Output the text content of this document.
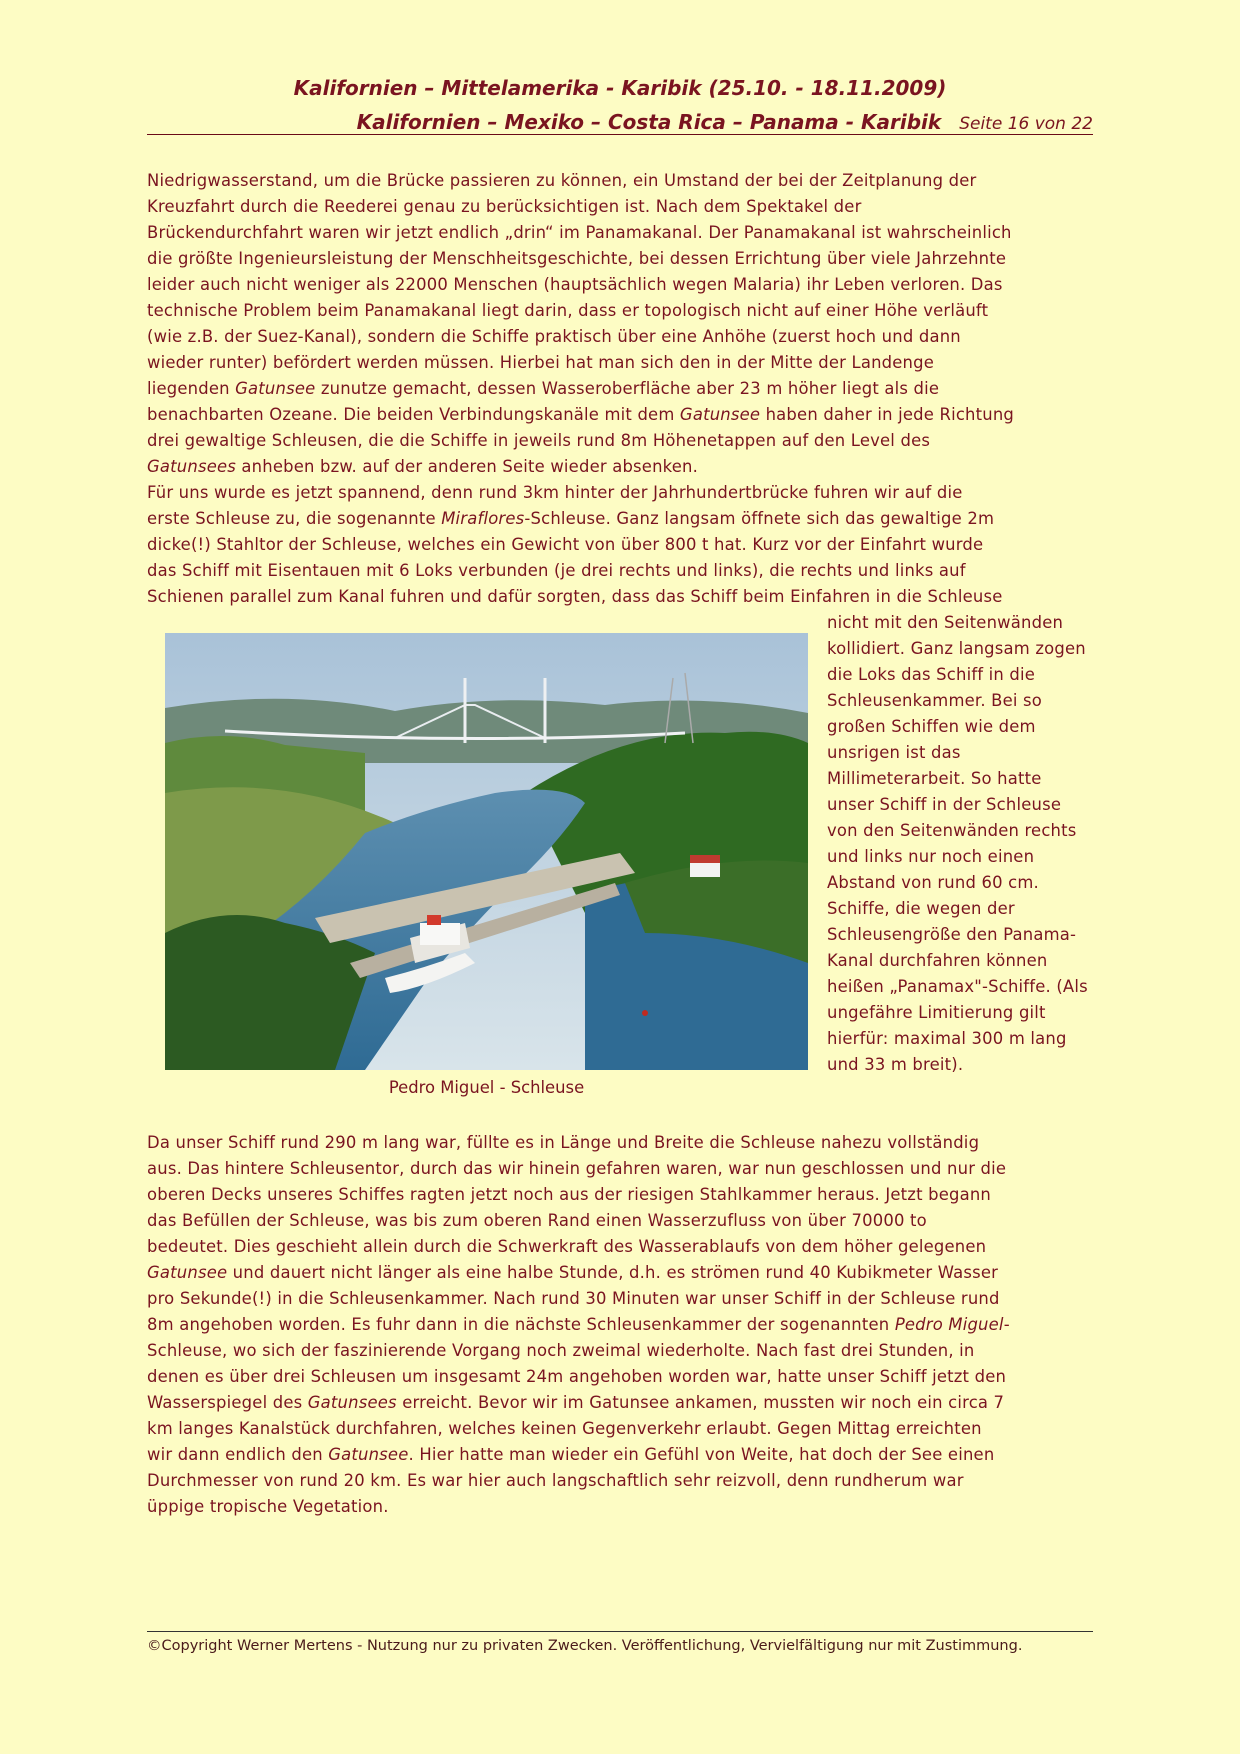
Kalifornien – Mittelamerika - Karibik (25.10. - 18.11.2009)
Kalifornien – Mexiko – Costa Rica – Panama - Karibik Seite 16 von 22

Niedrigwasserstand, um die Brücke passieren zu können, ein Umstand der bei der Zeitplanung der

Kreuzfahrt durch die Reederei genau zu berücksichtigen ist. Nach dem Spektakel der

Brückendurchfahrt waren wir jetzt endlich „drin“ im Panamakanal. Der Panamakanal ist wahrscheinlich

die größte Ingenieursleistung der Menschheitsgeschichte, bei dessen Errichtung über viele Jahrzehnte

leider auch nicht weniger als 22000 Menschen (hauptsächlich wegen Malaria) ihr Leben verloren. Das

technische Problem beim Panamakanal liegt darin, dass er topologisch nicht auf einer Höhe verläuft

(wie z.B. der Suez-Kanal), sondern die Schiffe praktisch über eine Anhöhe (zuerst hoch und dann

wieder runter) befördert werden müssen. Hierbei hat man sich den in der Mitte der Landenge

liegenden Gatunsee zunutze gemacht, dessen Wasseroberfläche aber 23 m höher liegt als die

benachbarten Ozeane. Die beiden Verbindungskanäle mit dem Gatunsee haben daher in jede Richtung

drei gewaltige Schleusen, die die Schiffe in jeweils rund 8m Höhenetappen auf den Level des

Gatunsees anheben bzw. auf der anderen Seite wieder absenken.

Für uns wurde es jetzt spannend, denn rund 3km hinter der Jahrhundertbrücke fuhren wir auf die

erste Schleuse zu, die sogenannte Miraflores-Schleuse. Ganz langsam öffnete sich das gewaltige 2m

dicke(!) Stahltor der Schleuse, welches ein Gewicht von über 800 t hat. Kurz vor der Einfahrt wurde

das Schiff mit Eisentauen mit 6 Loks verbunden (je drei rechts und links), die rechts und links auf

Schienen parallel zum Kanal fuhren und dafür sorgten, dass das Schiff beim Einfahren in die Schleuse

nicht mit den Seitenwänden kollidiert. Ganz langsam zogen die Loks das Schiff in die Schleusenkammer. Bei so großen Schiffen wie dem unsrigen ist das Millimeterarbeit. So hatte unser Schiff in der Schleuse von den Seitenwänden rechts und links nur noch einen Abstand von rund 60 cm. Schiffe, die wegen der Schleusengröße den Panama-Kanal durchfahren können heißen „Panamax"-Schiffe. (Als ungefähre Limitierung gilt hierfür: maximal 300 m lang und 33 m breit).
Pedro Miguel - Schleuse

Da unser Schiff rund 290 m lang war, füllte es in Länge und Breite die Schleuse nahezu vollständig

aus. Das hintere Schleusentor, durch das wir hinein gefahren waren, war nun geschlossen und nur die

oberen Decks unseres Schiffes ragten jetzt noch aus der riesigen Stahlkammer heraus. Jetzt begann

das Befüllen der Schleuse, was bis zum oberen Rand einen Wasserzufluss von über 70000 to

bedeutet. Dies geschieht allein durch die Schwerkraft des Wasserablaufs von dem höher gelegenen

Gatunsee und dauert nicht länger als eine halbe Stunde, d.h. es strömen rund 40 Kubikmeter Wasser

pro Sekunde(!) in die Schleusenkammer. Nach rund 30 Minuten war unser Schiff in der Schleuse rund

8m angehoben worden. Es fuhr dann in die nächste Schleusenkammer der sogenannten Pedro Miguel-

Schleuse, wo sich der faszinierende Vorgang noch zweimal wiederholte. Nach fast drei Stunden, in

denen es über drei Schleusen um insgesamt 24m angehoben worden war, hatte unser Schiff jetzt den

Wasserspiegel des Gatunsees erreicht. Bevor wir im Gatunsee ankamen, mussten wir noch ein circa 7

km langes Kanalstück durchfahren, welches keinen Gegenverkehr erlaubt. Gegen Mittag erreichten

wir dann endlich den Gatunsee. Hier hatte man wieder ein Gefühl von Weite, hat doch der See einen

Durchmesser von rund 20 km. Es war hier auch langschaftlich sehr reizvoll, denn rundherum war

üppige tropische Vegetation.

©Copyright Werner Mertens - Nutzung nur zu privaten Zwecken. Veröffentlichung, Vervielfältigung nur mit Zustimmung.
